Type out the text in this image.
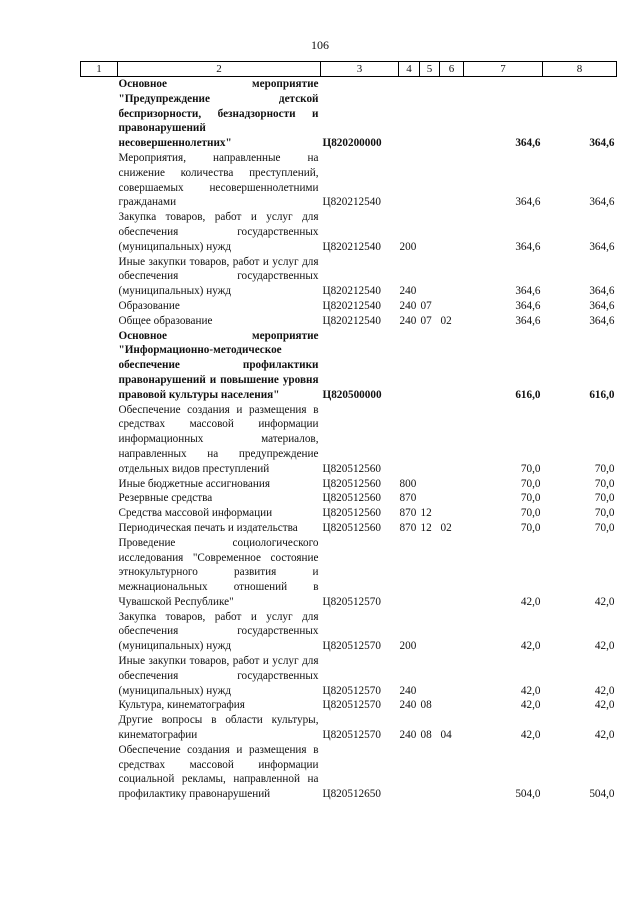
106
1	2	3	4	5	6	7	8
	Основное мероприятие "Предупреждение детской беспризорности, безнадзорности и правонарушений несовершеннолетних"	Ц820200000				364,6	364,6
	Мероприятия, направленные на снижение количества преступлений, совершаемых несовершеннолетними гражданами	Ц820212540				364,6	364,6
	Закупка товаров, работ и услуг для обеспечения государственных (муниципальных) нужд	Ц820212540	200			364,6	364,6
	Иные закупки товаров, работ и услуг для обеспечения государственных (муниципальных) нужд	Ц820212540	240			364,6	364,6
	Образование	Ц820212540	240	07		364,6	364,6
	Общее образование	Ц820212540	240	07	02	364,6	364,6
	Основное мероприятие "Информационно-методическое обеспечение профилактики правонарушений и повышение уровня правовой культуры населения"	Ц820500000				616,0	616,0
	Обеспечение создания и размещения в средствах массовой информации информационных материалов, направленных на предупреждение отдельных видов преступлений	Ц820512560				70,0	70,0
	Иные бюджетные ассигнования	Ц820512560	800			70,0	70,0
	Резервные средства	Ц820512560	870			70,0	70,0
	Средства массовой информации	Ц820512560	870	12		70,0	70,0
	Периодическая печать и издательства	Ц820512560	870	12	02	70,0	70,0
	Проведение социологического исследования "Современное состояние этнокультурного развития и межнациональных отношений в Чувашской Республике"	Ц820512570				42,0	42,0
	Закупка товаров, работ и услуг для обеспечения государственных (муниципальных) нужд	Ц820512570	200			42,0	42,0
	Иные закупки товаров, работ и услуг для обеспечения государственных (муниципальных) нужд	Ц820512570	240			42,0	42,0
	Культура, кинематография	Ц820512570	240	08		42,0	42,0
	Другие вопросы в области культуры, кинематографии	Ц820512570	240	08	04	42,0	42,0
	Обеспечение создания и размещения в средствах массовой информации социальной рекламы, направленной на профилактику правонарушений	Ц820512650				504,0	504,0
